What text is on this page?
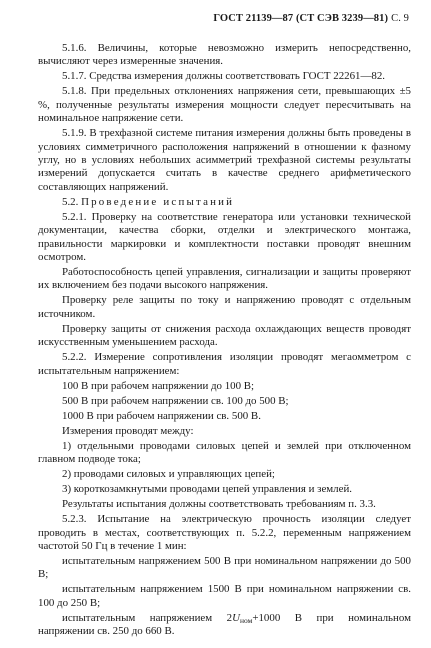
ГОСТ 21139—87 (СТ СЭВ 3239—81) С. 9

5.1.6. Величины, которые невозможно измерить непосредственно, вычисляют через измеренные значения.

5.1.7. Средства измерения должны соответствовать ГОСТ 22261—82.

5.1.8. При предельных отклонениях напряжения сети, превышающих ±5 %, полученные результаты измерения мощности следует пересчитывать на номинальное напряжение сети.

5.1.9. В трехфазной системе питания измерения должны быть проведены в условиях симметричного расположения напряжений в отношении к фазному углу, но в условиях небольших асимметрий трехфазной системы результаты измерений допускается считать в качестве среднего арифметического составляющих напряжений.

5.2. Проведение испытаний

5.2.1. Проверку на соответствие генератора или установки технической документации, качества сборки, отделки и электрического монтажа, правильности маркировки и комплектности поставки проводят внешним осмотром.

Работоспособность цепей управления, сигнализации и защиты проверяют их включением без подачи высокого напряжения.

Проверку реле защиты по току и напряжению проводят с отдельным источником.

Проверку защиты от снижения расхода охлаждающих веществ проводят искусственным уменьшением расхода.

5.2.2. Измерение сопротивления изоляции проводят мегаомметром с испытательным напряжением:

100 В при рабочем напряжении до 100 В;

500 В при рабочем напряжении св. 100 до 500 В;

1000 В при рабочем напряжении св. 500 В.

Измерения проводят между:

1) отдельными проводами силовых цепей и землей при отключенном главном подводе тока;

2) проводами силовых и управляющих цепей;

3) короткозамкнутыми проводами цепей управления и землей.

Результаты испытания должны соответствовать требованиям п. 3.3.

5.2.3. Испытание на электрическую прочность изоляции следует проводить в местах, соответствующих п. 5.2.2, переменным напряжением частотой 50 Гц в течение 1 мин:

испытательным напряжением 500 В при номинальном напряжении до 500 В;

испытательным напряжением 1500 В при номинальном напряжении св. 100 до 250 В;

испытательным напряжением $2U_{ном}+1000$ В при номинальном напряжении св. 250 до 660 В.
